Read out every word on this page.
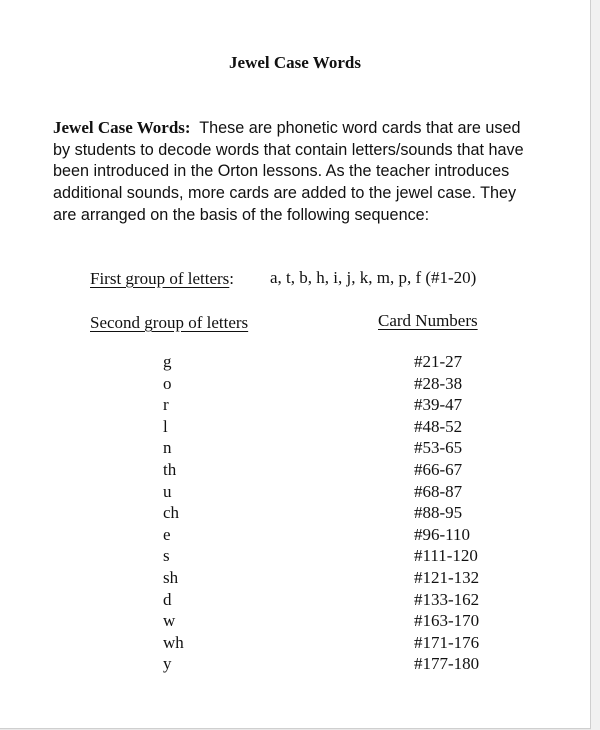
Jewel Case Words

Jewel Case Words: These are phonetic word cards that are used
by students to decode words that contain letters/sounds that have
been introduced in the Orton lessons. As the teacher introduces
additional sounds, more cards are added to the jewel case. They
are arranged on the basis of the following sequence:

First group of letters: a, t, b, h, i, j, k, m, p, f (#1-20)
Second group of letters	Card Numbers
g	#21-27
o	#28-38
r	#39-47
l	#48-52
n	#53-65
th	#66-67
u	#68-87
ch	#88-95
e	#96-110
s	#111-120
sh	#121-132
d	#133-162
w	#163-170
wh	#171-176
y	#177-180
